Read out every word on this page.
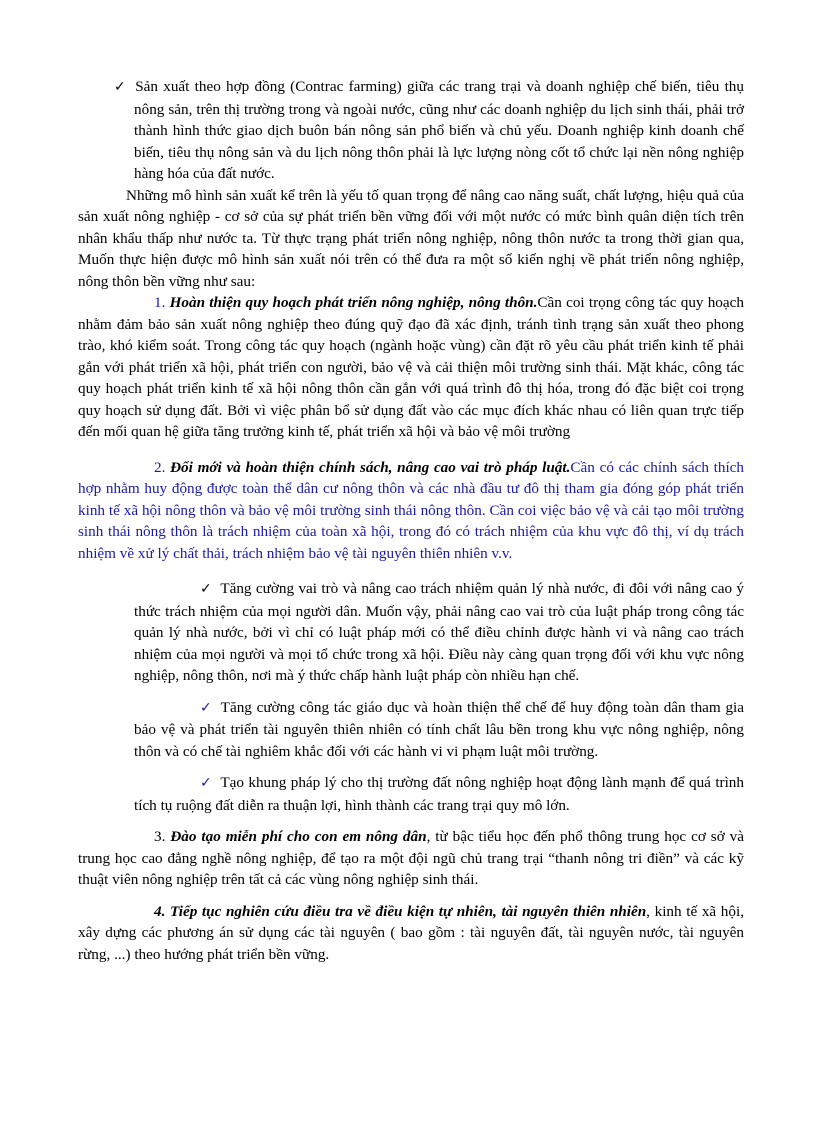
✓ Sản xuất theo hợp đồng (Contrac farming) giữa các trang trại và doanh nghiệp chế biến, tiêu thụ nông sản, trên thị trường trong và ngoài nước, cũng như các doanh nghiệp du lịch sinh thái, phải trở thành hình thức giao dịch buôn bán nông sản phổ biến và chủ yếu. Doanh nghiệp kinh doanh chế biến, tiêu thụ nông sản và du lịch nông thôn phải là lực lượng nòng cốt tổ chức lại nền nông nghiệp hàng hóa của đất nước.

Những mô hình sản xuất kể trên là yếu tố quan trọng để nâng cao năng suất, chất lượng, hiệu quả của sản xuất nông nghiệp - cơ sở của sự phát triển bền vững đối với một nước có mức bình quân diện tích trên nhân khẩu thấp như nước ta. Từ thực trạng phát triển nông nghiệp, nông thôn nước ta trong thời gian qua, Muốn thực hiện được mô hình sản xuất nói trên có thể đưa ra một số kiến nghị về phát triển nông nghiệp, nông thôn bền vững như sau:

1. Hoàn thiện quy hoạch phát triển nông nghiệp, nông thôn.Cần coi trọng công tác quy hoạch nhằm đảm bảo sản xuất nông nghiệp theo đúng quỹ đạo đã xác định, tránh tình trạng sản xuất theo phong trào, khó kiểm soát. Trong công tác quy hoạch (ngành hoặc vùng) cần đặt rõ yêu cầu phát triển kinh tế phải gắn với phát triển xã hội, phát triển con người, bảo vệ và cải thiện môi trường sinh thái. Mặt khác, công tác quy hoạch phát triển kinh tế xã hội nông thôn cần gắn với quá trình đô thị hóa, trong đó đặc biệt coi trọng quy hoạch sử dụng đất. Bởi vì việc phân bổ sử dụng đất vào các mục đích khác nhau có liên quan trực tiếp đến mối quan hệ giữa tăng trưởng kinh tế, phát triển xã hội và bảo vệ môi trường

2. Đổi mới và hoàn thiện chính sách, nâng cao vai trò pháp luật.Cần có các chính sách thích hợp nhằm huy động được toàn thể dân cư nông thôn và các nhà đầu tư đô thị tham gia đóng góp phát triển kinh tế xã hội nông thôn và bảo vệ môi trường sinh thái nông thôn. Cần coi việc bảo vệ và cải tạo môi trường sinh thái nông thôn là trách nhiệm của toàn xã hội, trong đó có trách nhiệm của khu vực đô thị, ví dụ trách nhiệm về xử lý chất thải, trách nhiệm bảo vệ tài nguyên thiên nhiên v.v.

✓ Tăng cường vai trò và nâng cao trách nhiệm quản lý nhà nước, đi đôi với nâng cao ý thức trách nhiệm của mọi người dân. Muốn vậy, phải nâng cao vai trò của luật pháp trong công tác quản lý nhà nước, bởi vì chỉ có luật pháp mới có thể điều chỉnh được hành vi và nâng cao trách nhiệm của mọi người và mọi tổ chức trong xã hội. Điều này càng quan trọng đối với khu vực nông nghiệp, nông thôn, nơi mà ý thức chấp hành luật pháp còn nhiều hạn chế.

✓ Tăng cường công tác giáo dục và hoàn thiện thể chế để huy động toàn dân tham gia bảo vệ và phát triển tài nguyên thiên nhiên có tính chất lâu bền trong khu vực nông nghiệp, nông thôn và có chế tài nghiêm khắc đối với các hành vi vi phạm luật môi trường.

✓ Tạo khung pháp lý cho thị trường đất nông nghiệp hoạt động lành mạnh để quá trình tích tụ ruộng đất diễn ra thuận lợi, hình thành các trang trại quy mô lớn.

3. Đào tạo miễn phí cho con em nông dân, từ bậc tiểu học đến phổ thông trung học cơ sở và trung học cao đẳng nghề nông nghiệp, để tạo ra một đội ngũ chủ trang trại “thanh nông tri điền” và các kỹ thuật viên nông nghiệp trên tất cả các vùng nông nghiệp sinh thái.

4. Tiếp tục nghiên cứu điều tra về điều kiện tự nhiên, tài nguyên thiên nhiên, kinh tế xã hội, xây dựng các phương án sử dụng các tài nguyên ( bao gồm : tài nguyên đất, tài nguyên nước, tài nguyên rừng, ...) theo hướng phát triển bền vững.
